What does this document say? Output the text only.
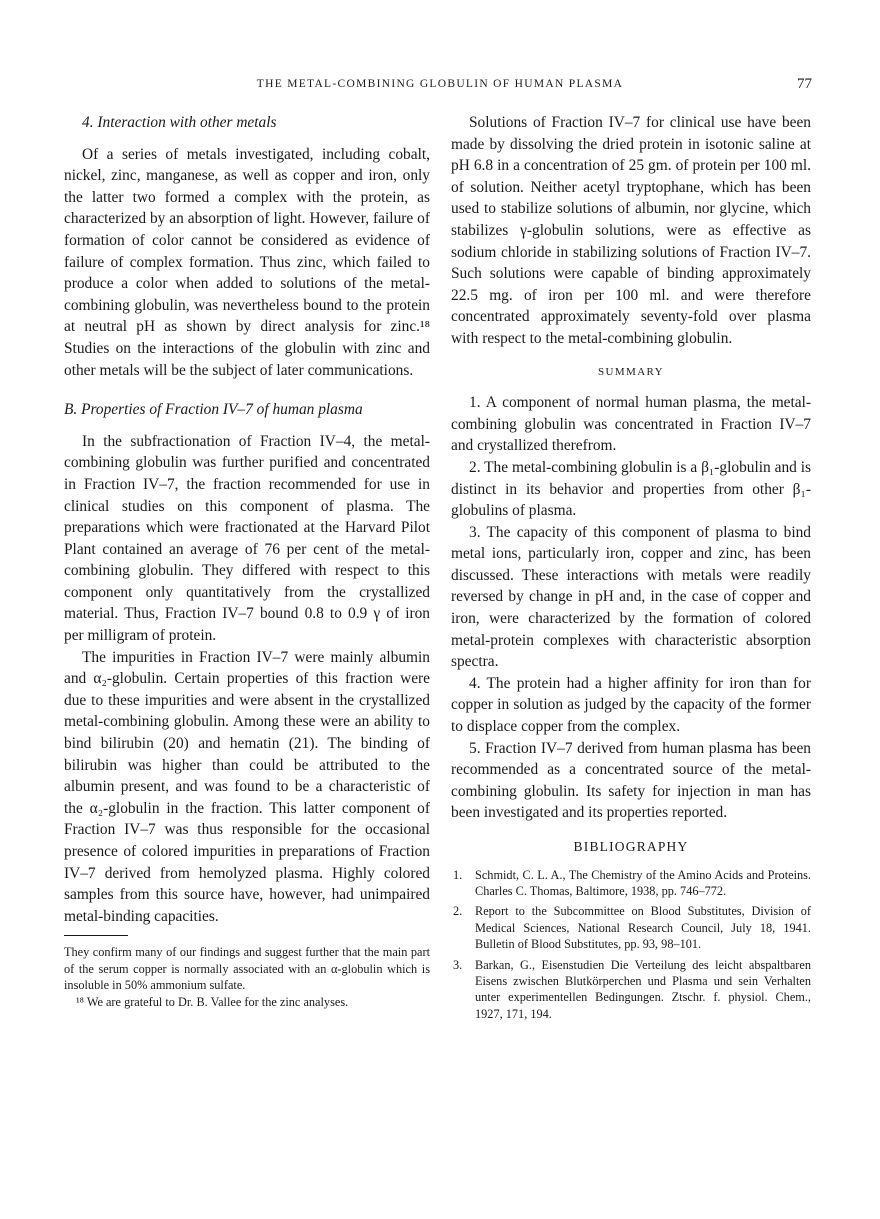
THE METAL-COMBINING GLOBULIN OF HUMAN PLASMA	77
4. Interaction with other metals

Of a series of metals investigated, including cobalt, nickel, zinc, manganese, as well as copper and iron, only the latter two formed a complex with the protein, as characterized by an absorption of light. However, failure of formation of color cannot be considered as evidence of failure of complex formation. Thus zinc, which failed to produce a color when added to solutions of the metal-combining globulin, was nevertheless bound to the protein at neutral pH as shown by direct analysis for zinc.¹⁸ Studies on the interactions of the globulin with zinc and other metals will be the subject of later communications.

B. Properties of Fraction IV–7 of human plasma

In the subfractionation of Fraction IV–4, the metal-combining globulin was further purified and concentrated in Fraction IV–7, the fraction recommended for use in clinical studies on this component of plasma. The preparations which were fractionated at the Harvard Pilot Plant contained an average of 76 per cent of the metal-combining globulin. They differed with respect to this component only quantitatively from the crystallized material. Thus, Fraction IV–7 bound 0.8 to 0.9 γ of iron per milligram of protein.

The impurities in Fraction IV–7 were mainly albumin and α₂-globulin. Certain properties of this fraction were due to these impurities and were absent in the crystallized metal-combining globulin. Among these were an ability to bind bilirubin (20) and hematin (21). The binding of bilirubin was higher than could be attributed to the albumin present, and was found to be a characteristic of the α₂-globulin in the fraction. This latter component of Fraction IV–7 was thus responsible for the occasional presence of colored impurities in preparations of Fraction IV–7 derived from hemolyzed plasma. Highly colored samples from this source have, however, had unimpaired metal-binding capacities.

They confirm many of our findings and suggest further that the main part of the serum copper is normally associated with an α-globulin which is insoluble in 50% ammonium sulfate.

¹⁸ We are grateful to Dr. B. Vallee for the zinc analyses.

Solutions of Fraction IV–7 for clinical use have been made by dissolving the dried protein in isotonic saline at pH 6.8 in a concentration of 25 gm. of protein per 100 ml. of solution. Neither acetyl tryptophane, which has been used to stabilize solutions of albumin, nor glycine, which stabilizes γ-globulin solutions, were as effective as sodium chloride in stabilizing solutions of Fraction IV–7. Such solutions were capable of binding approximately 22.5 mg. of iron per 100 ml. and were therefore concentrated approximately seventy-fold over plasma with respect to the metal-combining globulin.

SUMMARY

1. A component of normal human plasma, the metal-combining globulin was concentrated in Fraction IV–7 and crystallized therefrom.

2. The metal-combining globulin is a β₁-globulin and is distinct in its behavior and properties from other β₁-globulins of plasma.

3. The capacity of this component of plasma to bind metal ions, particularly iron, copper and zinc, has been discussed. These interactions with metals were readily reversed by change in pH and, in the case of copper and iron, were characterized by the formation of colored metal-protein complexes with characteristic absorption spectra.

4. The protein had a higher affinity for iron than for copper in solution as judged by the capacity of the former to displace copper from the complex.

5. Fraction IV–7 derived from human plasma has been recommended as a concentrated source of the metal-combining globulin. Its safety for injection in man has been investigated and its properties reported.

BIBLIOGRAPHY
1.	Schmidt, C. L. A., The Chemistry of the Amino Acids and Proteins. Charles C. Thomas, Baltimore, 1938, pp. 746–772.
2.	Report to the Subcommittee on Blood Substitutes, Division of Medical Sciences, National Research Council, July 18, 1941. Bulletin of Blood Substitutes, pp. 93, 98–101.
3.	Barkan, G., Eisenstudien Die Verteilung des leicht abspaltbaren Eisens zwischen Blutkörperchen und Plasma und sein Verhalten unter experimentellen Bedingungen. Ztschr. f. physiol. Chem., 1927, 171, 194.
